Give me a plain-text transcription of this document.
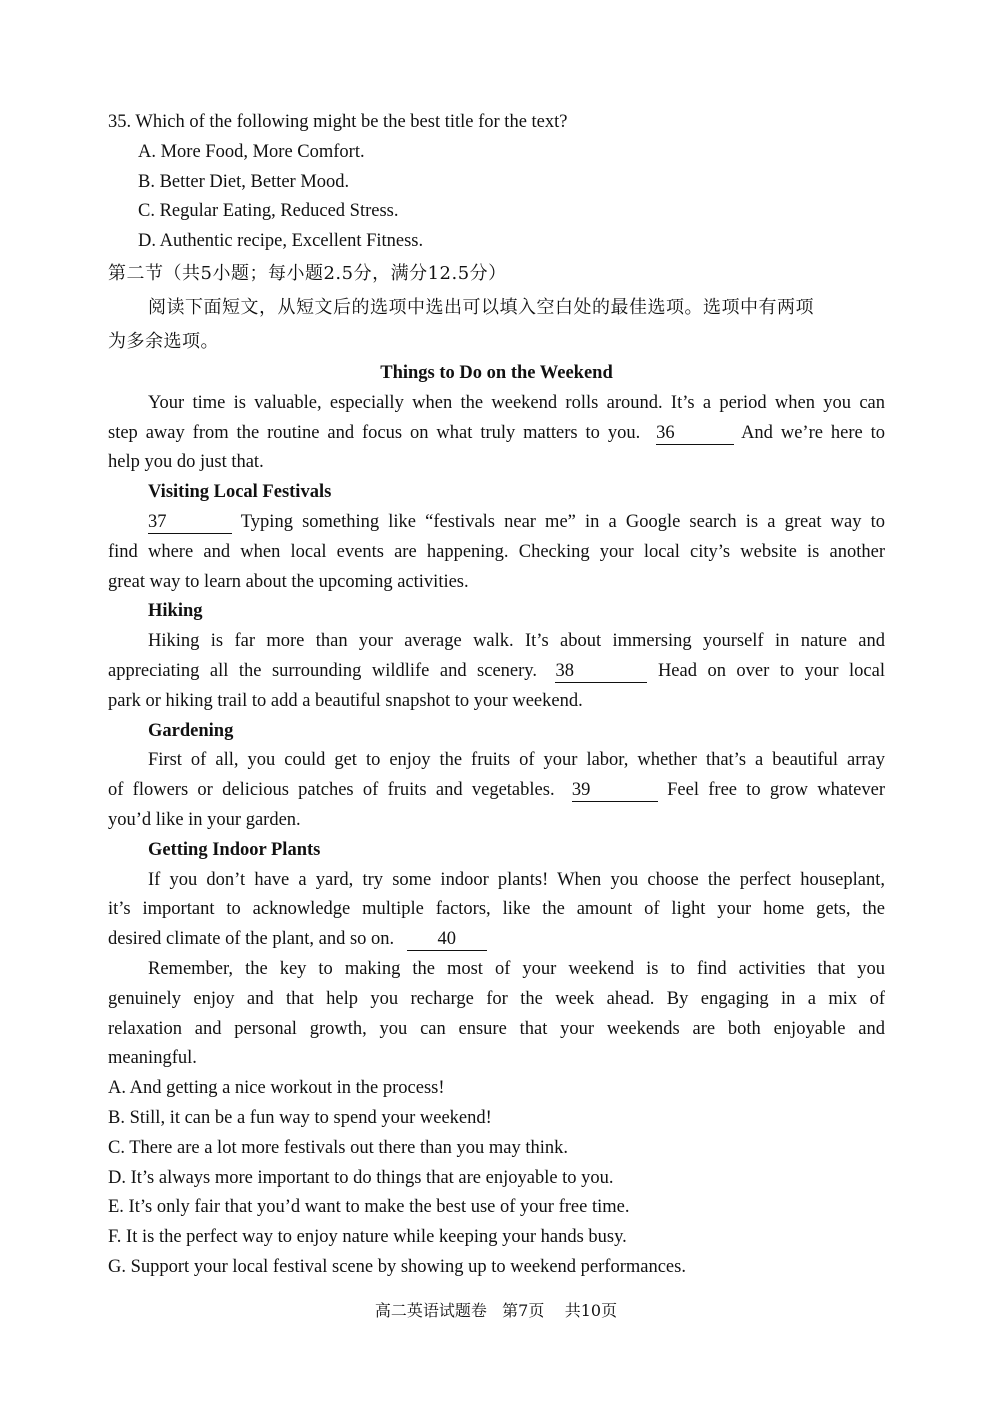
35. Which of the following might be the best title for the text?
A. More Food, More Comfort.
B. Better Diet, Better Mood.
C. Regular Eating, Reduced Stress.
D. Authentic recipe, Excellent Fitness.
第二节（共5小题；每小题2.5分，满分12.5分）
阅读下面短文，从短文后的选项中选出可以填入空白处的最佳选项。选项中有两项
为多余选项。
Things to Do on the Weekend
Your time is valuable, especially when the weekend rolls around. It’s a period when you can
step away from the routine and focus on what truly matters to you. 36	And we’re here to
help you do just that.
Visiting Local Festivals
37	Typing something like “festivals near me” in a Google search is a great way to
find where and when local events are happening. Checking your local city’s website is another
great way to learn about the upcoming activities.
Hiking
Hiking is far more than your average walk. It’s about immersing yourself in nature and
appreciating all the surrounding wildlife and scenery. 38	Head on over to your local
park or hiking trail to add a beautiful snapshot to your weekend.
Gardening
First of all, you could get to enjoy the fruits of your labor, whether that’s a beautiful array
of flowers or delicious patches of fruits and vegetables. 39	Feel free to grow whatever
you’d like in your garden.
Getting Indoor Plants
If you don’t have a yard, try some indoor plants! When you choose the perfect houseplant,
it’s important to acknowledge multiple factors, like the amount of light your home gets, the
desired climate of the plant, and so on. 40
Remember, the key to making the most of your weekend is to find activities that you
genuinely enjoy and that help you recharge for the week ahead. By engaging in a mix of
relaxation and personal growth, you can ensure that your weekends are both enjoyable and
meaningful.
A. And getting a nice workout in the process!
B. Still, it can be a fun way to spend your weekend!
C. There are a lot more festivals out there than you may think.
D. It’s always more important to do things that are enjoyable to you.
E. It’s only fair that you’d want to make the best use of your free time.
F. It is the perfect way to enjoy nature while keeping your hands busy.
G. Support your local festival scene by showing up to weekend performances.
高二英语试题卷   第7页    共10页
